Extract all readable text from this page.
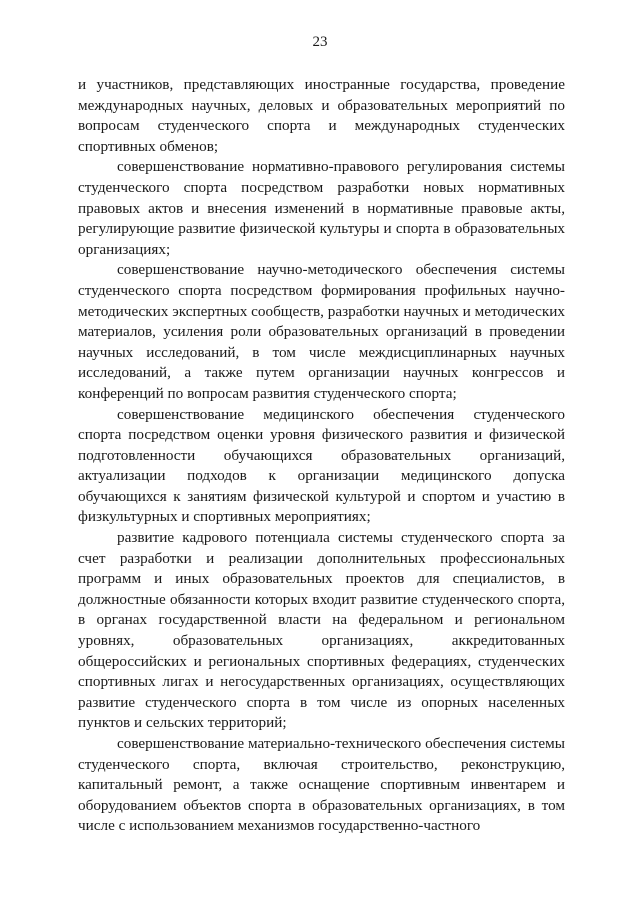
23

и участников, представляющих иностранные государства, проведение международных научных, деловых и образовательных мероприятий по вопросам студенческого спорта и международных студенческих спортивных обменов;

совершенствование нормативно-правового регулирования системы студенческого спорта посредством разработки новых нормативных правовых актов и внесения изменений в нормативные правовые акты, регулирующие развитие физической культуры и спорта в образовательных организациях;

совершенствование научно-методического обеспечения системы студенческого спорта посредством формирования профильных научно-методических экспертных сообществ, разработки научных и методических материалов, усиления роли образовательных организаций в проведении научных исследований, в том числе междисциплинарных научных исследований, а также путем организации научных конгрессов и конференций по вопросам развития студенческого спорта;

совершенствование медицинского обеспечения студенческого спорта посредством оценки уровня физического развития и физической подготовленности обучающихся образовательных организаций, актуализации подходов к организации медицинского допуска обучающихся к занятиям физической культурой и спортом и участию в физкультурных и спортивных мероприятиях;

развитие кадрового потенциала системы студенческого спорта за счет разработки и реализации дополнительных профессиональных программ и иных образовательных проектов для специалистов, в должностные обязанности которых входит развитие студенческого спорта, в органах государственной власти на федеральном и региональном уровнях, образовательных организациях, аккредитованных общероссийских и региональных спортивных федерациях, студенческих спортивных лигах и негосударственных организациях, осуществляющих развитие студенческого спорта в том числе из опорных населенных пунктов и сельских территорий;

совершенствование материально-технического обеспечения системы студенческого спорта, включая строительство, реконструкцию, капитальный ремонт, а также оснащение спортивным инвентарем и оборудованием объектов спорта в образовательных организациях, в том числе с использованием механизмов государственно-частного
